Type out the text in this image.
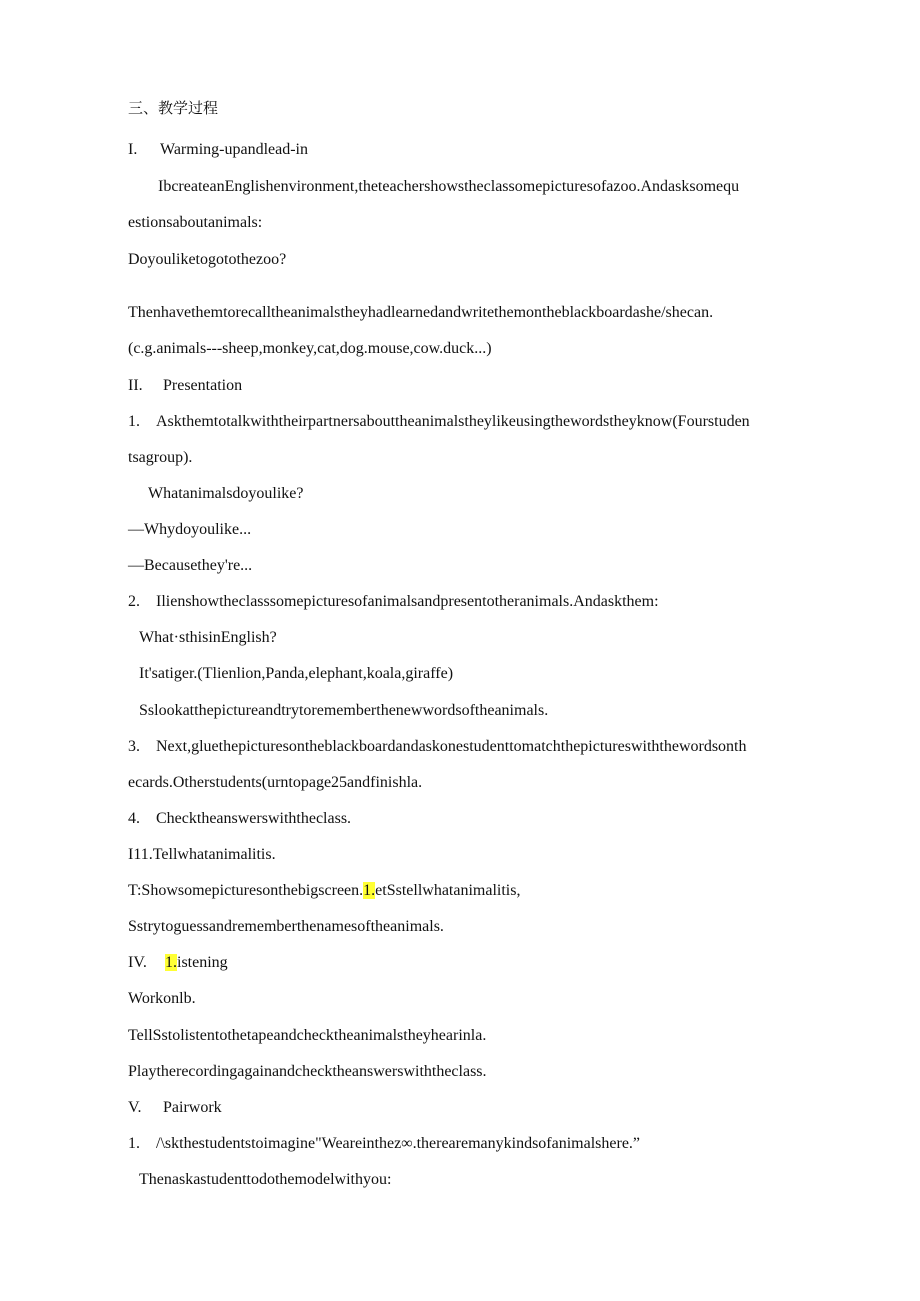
三、教学过程
I. Warming-upandlead-in
IbcreateanEnglishenvironment,theteachershowstheclassomepicturesofazoo.Andasksomequ
estionsaboutanimals:
Doyouliketogotothezoo?
Thenhavethemtorecalltheanimalstheyhadlearnedandwritethemontheblackboardashe/shecan.
(c.g.animals---sheep,monkey,cat,dog.mouse,cow.duck...)
II. Presentation
1. Askthemtotalkwiththeirpartnersabouttheanimalstheylikeusingthewordstheyknow(Fourstuden
tsagroup).
Whatanimalsdoyoulike?
—Whydoyoulike...
—Becausethey're...
2. Ilienshowtheclasssomepicturesofanimalsandpresentotheranimals.Andaskthem:
What·sthisinEnglish?
It'satiger.(Tlienlion,Panda,elephant,koala,giraffe)
Sslookatthepictureandtrytorememberthenewwordsoftheanimals.
3. Next,gluethepicturesontheblackboardandaskonestudenttomatchthepictureswiththewordsonth
ecards.Otherstudents(urntopage25andfinishla.
4. Checktheanswerswiththeclass.
I11.Tellwhatanimalitis.
T:Showsomepicturesonthebigscreen.1.etSstellwhatanimalitis,
Sstrytoguessandrememberthenamesoftheanimals.
IV. 1.istening
Workonlb.
TellSstolistentothetapeandchecktheanimalstheyhearinla.
Playtherecordingagainandchecktheanswerswiththeclass.
V. Pairwork
1. /\skthestudentstoimagine"Weareinthez∞.therearemanykindsofanimalshere.”
Thenaskastudenttodothemodelwithyou:
